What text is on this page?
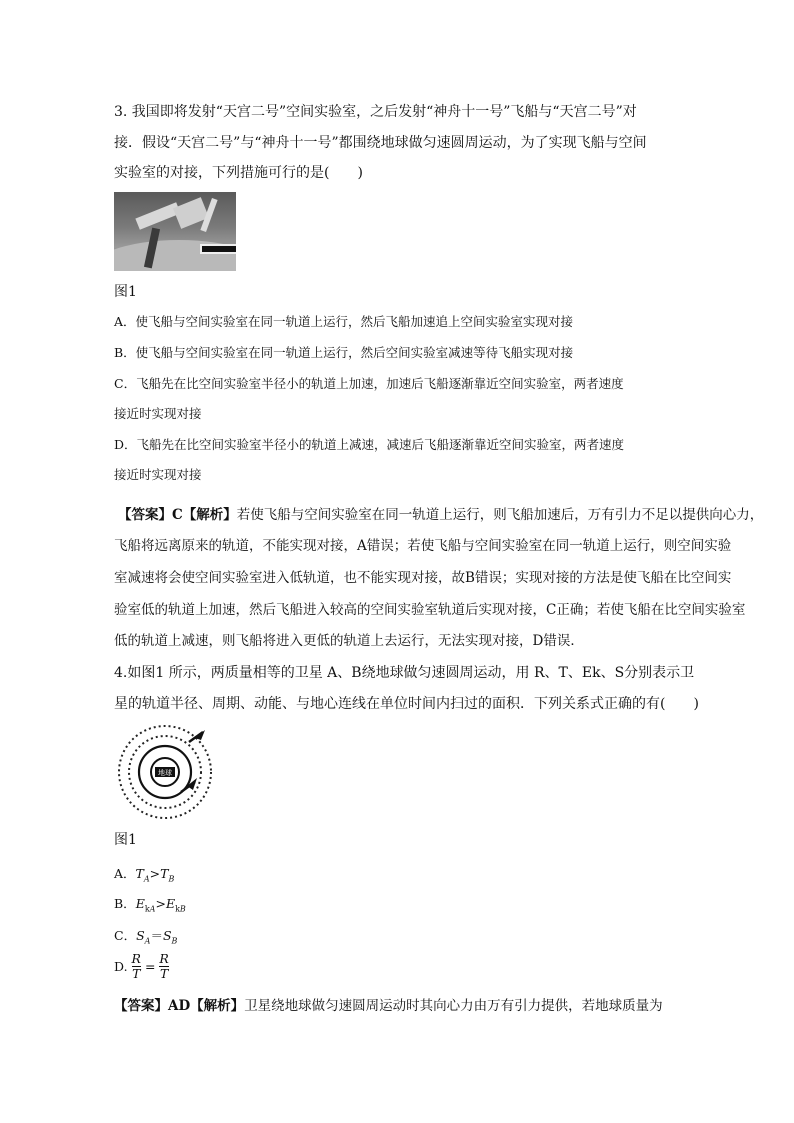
3. 我国即将发射“天宫二号”空间实验室，之后发射“神舟十一号”飞船与“天宫二号”对
接．假设“天宫二号”与“神舟十一号”都围绕地球做匀速圆周运动，为了实现飞船与空间
实验室的对接，下列措施可行的是(　　)
图1
A．使飞船与空间实验室在同一轨道上运行，然后飞船加速追上空间实验室实现对接
B．使飞船与空间实验室在同一轨道上运行，然后空间实验室减速等待飞船实现对接
C．飞船先在比空间实验室半径小的轨道上加速，加速后飞船逐渐靠近空间实验室，两者速度
接近时实现对接
D．飞船先在比空间实验室半径小的轨道上减速，减速后飞船逐渐靠近空间实验室，两者速度
接近时实现对接
【答案】C【解析】若使飞船与空间实验室在同一轨道上运行，则飞船加速后，万有引力不足以提供向心力，
飞船将远离原来的轨道，不能实现对接，A错误；若使飞船与空间实验室在同一轨道上运行，则空间实验
室减速将会使空间实验室进入低轨道，也不能实现对接，故B错误；实现对接的方法是使飞船在比空间实
验室低的轨道上加速，然后飞船进入较高的空间实验室轨道后实现对接，C正确；若使飞船在比空间实验室
低的轨道上减速，则飞船将进入更低的轨道上去运行，无法实现对接，D错误．
4.如图1 所示，两质量相等的卫星 A、B绕地球做匀速圆周运动，用 R、T、Ek、S分别表示卫
星的轨道半径、周期、动能、与地心连线在单位时间内扫过的面积．下列关系式正确的有(　　)
地球
图1
A．$T_A>T_B$
B．$E_{kA}>E_{kB}$
C．$S_A=S_B$
D. $\frac{R}{T} = \frac{R}{T}$
【答案】AD【解析】卫星绕地球做匀速圆周运动时其向心力由万有引力提供，若地球质量为
